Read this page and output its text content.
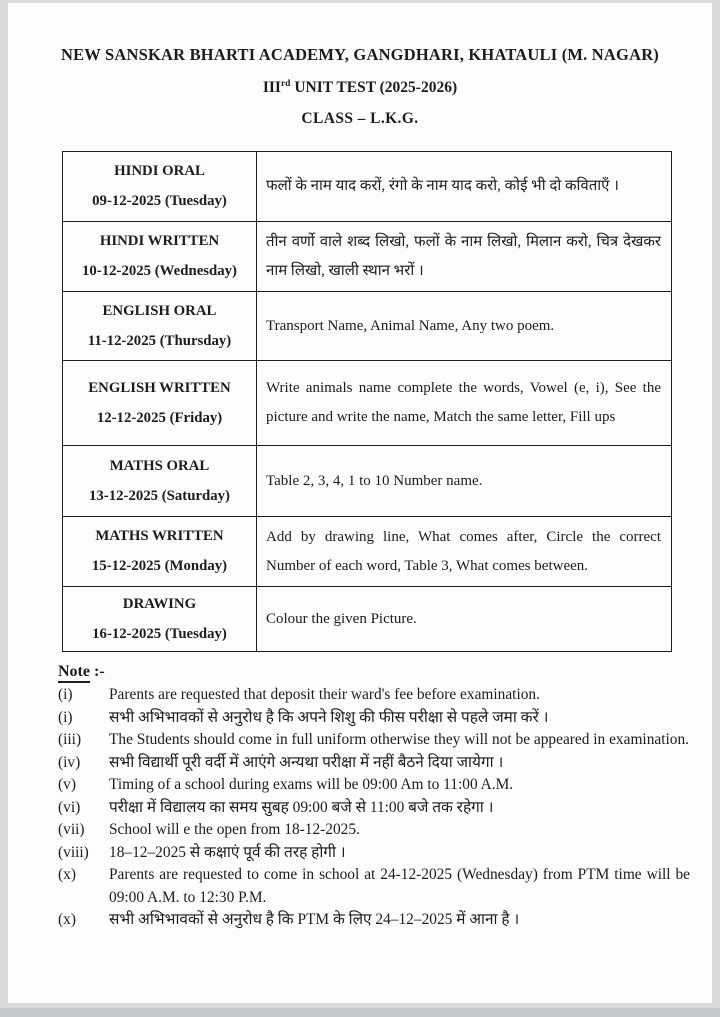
NEW SANSKAR BHARTI ACADEMY, GANGDHARI, KHATAULI (M. NAGAR)
IIIrd UNIT TEST (2025-2026)
CLASS – L.K.G.
HINDI ORAL
09-12-2025 (Tuesday)	फलों के नाम याद करों, रंगो के नाम याद करो, कोई भी दो कविताएँ ।

HINDI WRITTEN
10-12-2025 (Wednesday)	तीन वर्णो वाले शब्द लिखो, फलों के नाम लिखो, मिलान करो, चित्र देखकर नाम लिखो, खाली स्थान भरों ।

ENGLISH ORAL
11-12-2025 (Thursday)	Transport Name, Animal Name, Any two poem.

ENGLISH WRITTEN
12-12-2025 (Friday)	Write animals name complete the words, Vowel (e, i), See the picture and write the name, Match the same letter, Fill ups

MATHS ORAL
13-12-2025 (Saturday)	Table 2, 3, 4, 1 to 10 Number name.

MATHS WRITTEN
15-12-2025 (Monday)	Add by drawing line, What comes after, Circle the correct Number of each word, Table 3, What comes between.

DRAWING
16-12-2025 (Tuesday)	Colour the given Picture.
Note :-
(i)	Parents are requested that deposit their ward's fee before examination.
(i)	सभी अभिभावकों से अनुरोध है कि अपने शिशु की फीस परीक्षा से पहले जमा करें ।
(iii)	The Students should come in full uniform otherwise they will not be appeared in examination.
(iv)	सभी विद्यार्थी पूरी वर्दी में आएंगे अन्यथा परीक्षा में नहीं बैठने दिया जायेगा ।
(v)	Timing of a school during exams will be 09:00 Am to 11:00 A.M.
(vi)	परीक्षा में विद्यालय का समय सुबह 09:00 बजे से 11:00 बजे तक रहेगा ।
(vii)	School will e the open from 18-12-2025.
(viii)	18–12–2025 से कक्षाएं पूर्व की तरह होगी ।
(x)	Parents are requested to come in school at 24-12-2025 (Wednesday) from PTM time will be 09:00 A.M. to 12:30 P.M.
(x)	सभी अभिभावकों से अनुरोध है कि PTM के लिए 24–12–2025 में आना है ।
